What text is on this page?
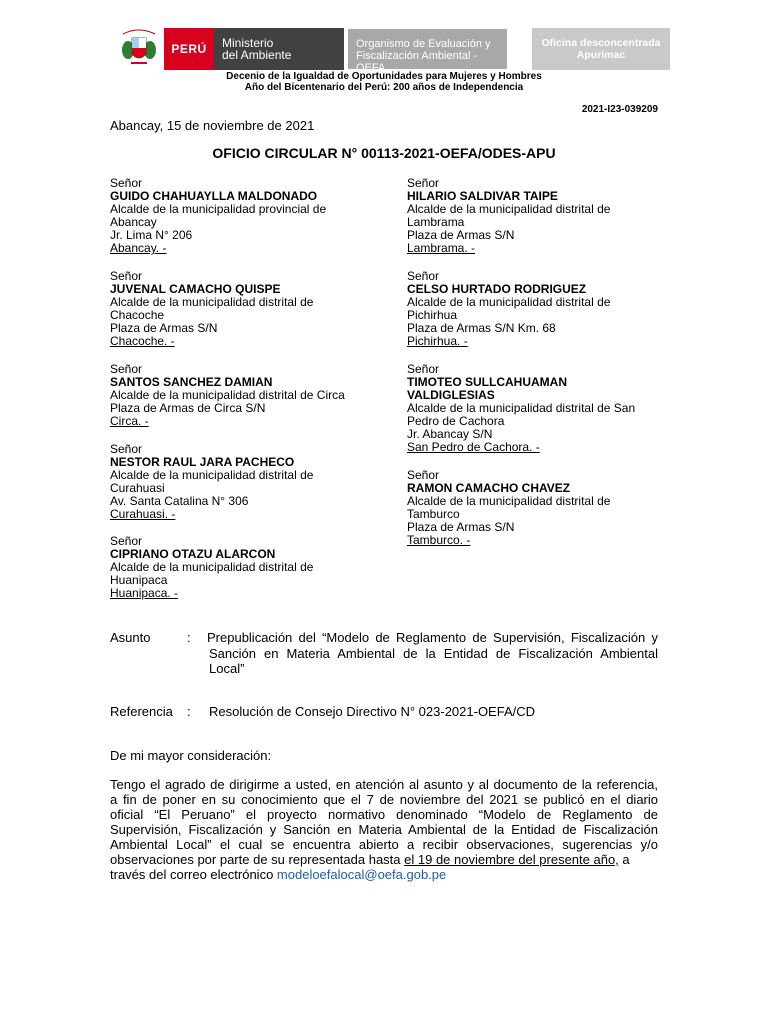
PERÚ Ministerio
del Ambiente
Organismo de Evaluación y
Fiscalización Ambiental - OEFA
Oficina desconcentrada
Apurímac
Decenio de la Igualdad de Oportunidades para Mujeres y Hombres
Año del Bicentenario del Perú: 200 años de Independencia
2021-I23-039209
Abancay, 15 de noviembre de 2021
OFICIO CIRCULAR N° 00113-2021-OEFA/ODES-APU
Señor
GUIDO CHAHUAYLLA MALDONADO
Alcalde de la municipalidad provincial de
Abancay
Jr. Lima N° 206
Abancay. -
Señor
JUVENAL CAMACHO QUISPE
Alcalde de la municipalidad distrital de
Chacoche
Plaza de Armas S/N
Chacoche. -
Señor
SANTOS SANCHEZ DAMIAN
Alcalde de la municipalidad distrital de Circa
Plaza de Armas de Circa S/N
Circa. -
Señor
NESTOR RAUL JARA PACHECO
Alcalde de la municipalidad distrital de
Curahuasi
Av. Santa Catalina N° 306
Curahuasi. -
Señor
CIPRIANO OTAZU ALARCON
Alcalde de la municipalidad distrital de
Huanipaca
Huanipaca. -
Señor
HILARIO SALDIVAR TAIPE
Alcalde de la municipalidad distrital de
Lambrama
Plaza de Armas S/N
Lambrama. -
Señor
CELSO HURTADO RODRIGUEZ
Alcalde de la municipalidad distrital de
Pichirhua
Plaza de Armas S/N Km. 68
Pichirhua. -
Señor
TIMOTEO SULLCAHUAMAN
VALDIGLESIAS
Alcalde de la municipalidad distrital de San
Pedro de Cachora
Jr. Abancay S/N
San Pedro de Cachora. -
Señor
RAMON CAMACHO CHAVEZ
Alcalde de la municipalidad distrital de
Tamburco
Plaza de Armas S/N
Tamburco. -
Asunto	: Prepublicación del “Modelo de Reglamento de Supervisión, Fiscalización y
Sanción en Materia Ambiental de la Entidad de Fiscalización Ambiental
Local”
Referencia : Resolución de Consejo Directivo N° 023-2021-OEFA/CD
De mi mayor consideración:
Tengo el agrado de dirigirme a usted, en atención al asunto y al documento de la referencia,
a fin de poner en su conocimiento que el 7 de noviembre del 2021 se publicó en el diario
oficial “El Peruano” el proyecto normativo denominado “Modelo de Reglamento de
Supervisión, Fiscalización y Sanción en Materia Ambiental de la Entidad de Fiscalización
Ambiental Local” el cual se encuentra abierto a recibir observaciones, sugerencias y/o
observaciones por parte de su representada hasta el 19 de noviembre del presente año, a
través del correo electrónico modeloefalocal@oefa.gob.pe
